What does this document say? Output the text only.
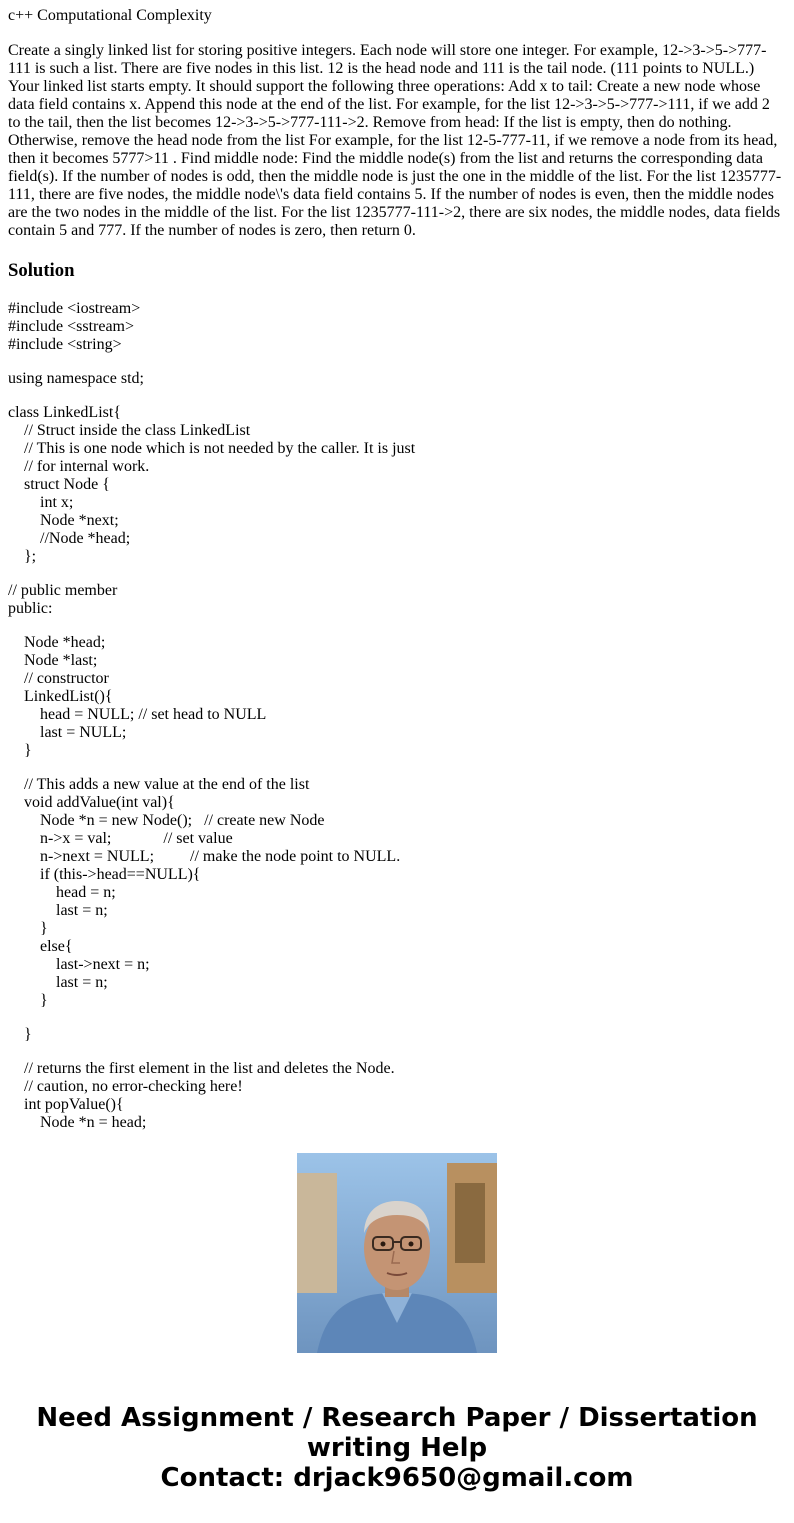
c++ Computational Complexity
Create a singly linked list for storing positive integers. Each node will store one integer. For example, 12->3->5->777-111 is such a list. There are five nodes in this list. 12 is the head node and 111 is the tail node. (111 points to NULL.) Your linked list starts empty. It should support the following three operations: Add x to tail: Create a new node whose data field contains x. Append this node at the end of the list. For example, for the list 12->3->5->777->111, if we add 2 to the tail, then the list becomes 12->3->5->777-111->2. Remove from head: If the list is empty, then do nothing. Otherwise, remove the head node from the list For example, for the list 12-5-777-11, if we remove a node from its head, then it becomes 5777>11 . Find middle node: Find the middle node(s) from the list and returns the corresponding data field(s). If the number of nodes is odd, then the middle node is just the one in the middle of the list. For the list 1235777-111, there are five nodes, the middle node\'s data field contains 5. If the number of nodes is even, then the middle nodes are the two nodes in the middle of the list. For the list 1235777-111->2, there are six nodes, the middle nodes, data fields contain 5 and 777. If the number of nodes is zero, then return 0.
Solution
#include <iostream>
#include <sstream>
#include <string>
using namespace std;
class LinkedList{
// Struct inside the class LinkedList
// This is one node which is not needed by the caller. It is just
// for internal work.
struct Node {
int x;
Node *next;
//Node *head;
};
// public member
public:
Node *head;
Node *last;
// constructor
LinkedList(){
head = NULL; // set head to NULL
last = NULL;
}
// This adds a new value at the end of the list
void addValue(int val){
Node *n = new Node();   // create new Node
n->x = val;             // set value
n->next = NULL;         // make the node point to NULL.
if (this->head==NULL){
head = n;
last = n;
}
else{
last->next = n;
last = n;
}
}
// returns the first element in the list and deletes the Node.
// caution, no error-checking here!
int popValue(){
Node *n = head;
Need Assignment / Research Paper / Dissertation
writing Help
Contact: drjack9650@gmail.com
